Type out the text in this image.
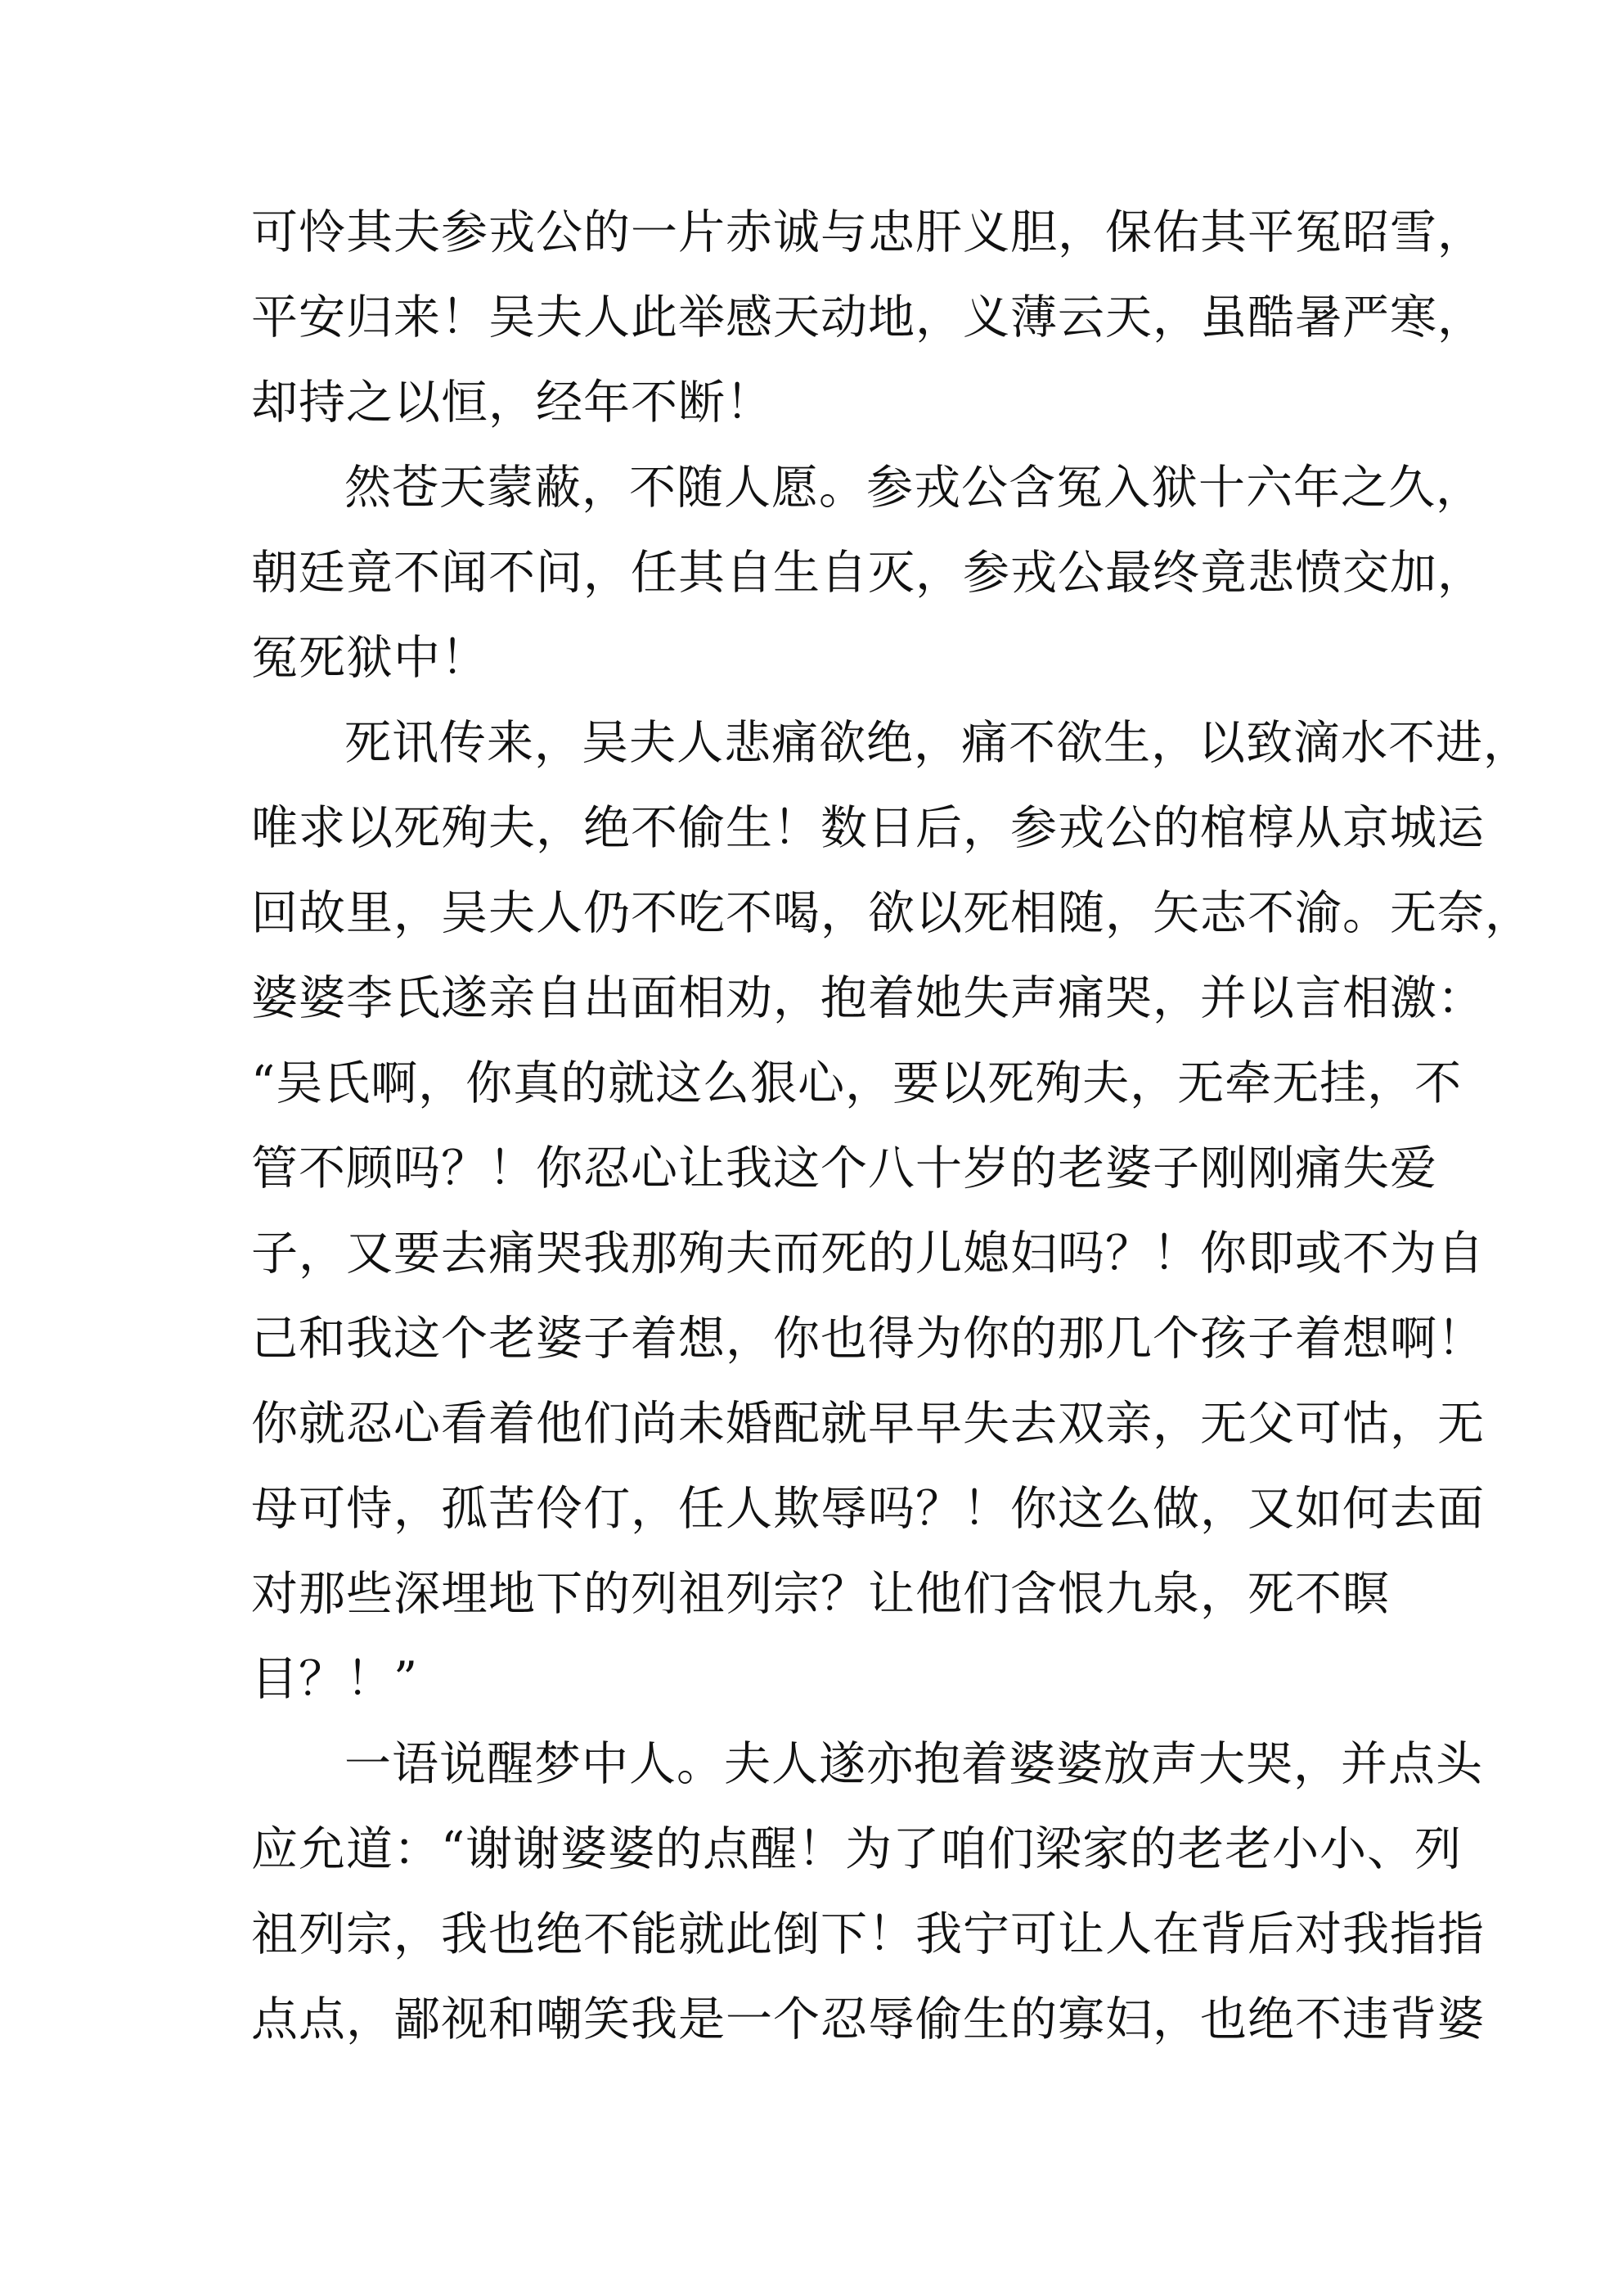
可怜其夫参戎公的一片赤诚与忠肝义胆，保佑其平冤昭雪，
平安归来！吴夫人此举感天动地，义薄云天，虽酷暑严寒，
却持之以恒，经年不断！
然苍天蒙蔽，不随人愿。参戎公含冤入狱十六年之久，
朝廷竟不闻不问，任其自生自灭，参戎公最终竟悲愤交加，
冤死狱中！
死讯传来，吴夫人悲痛欲绝，痛不欲生，以致滴水不进，
唯求以死殉夫，绝不偷生！数日后，参戎公的棺椁从京城运
回故里，吴夫人仍不吃不喝，欲以死相随，矢志不渝。无奈，
婆婆李氏遂亲自出面相劝，抱着她失声痛哭，并以言相激：
“吴氏啊，你真的就这么狠心，要以死殉夫，无牵无挂，不
管不顾吗？！你忍心让我这个八十岁的老婆子刚刚痛失爱
子，又要去痛哭我那殉夫而死的儿媳妇吗？！你即或不为自
己和我这个老婆子着想，你也得为你的那几个孩子着想啊！
你就忍心看着他们尚未婚配就早早失去双亲，无父可怙，无
母可恃，孤苦伶仃，任人欺辱吗？！你这么做，又如何去面
对那些深埋地下的列祖列宗？让他们含恨九泉，死不瞑
目？！”
一语说醒梦中人。夫人遂亦抱着婆婆放声大哭，并点头
应允道：“谢谢婆婆的点醒！为了咱们梁家的老老小小、列
祖列宗，我也绝不能就此倒下！我宁可让人在背后对我指指
点点，鄙视和嘲笑我是一个忍辱偷生的寡妇，也绝不违背婆
